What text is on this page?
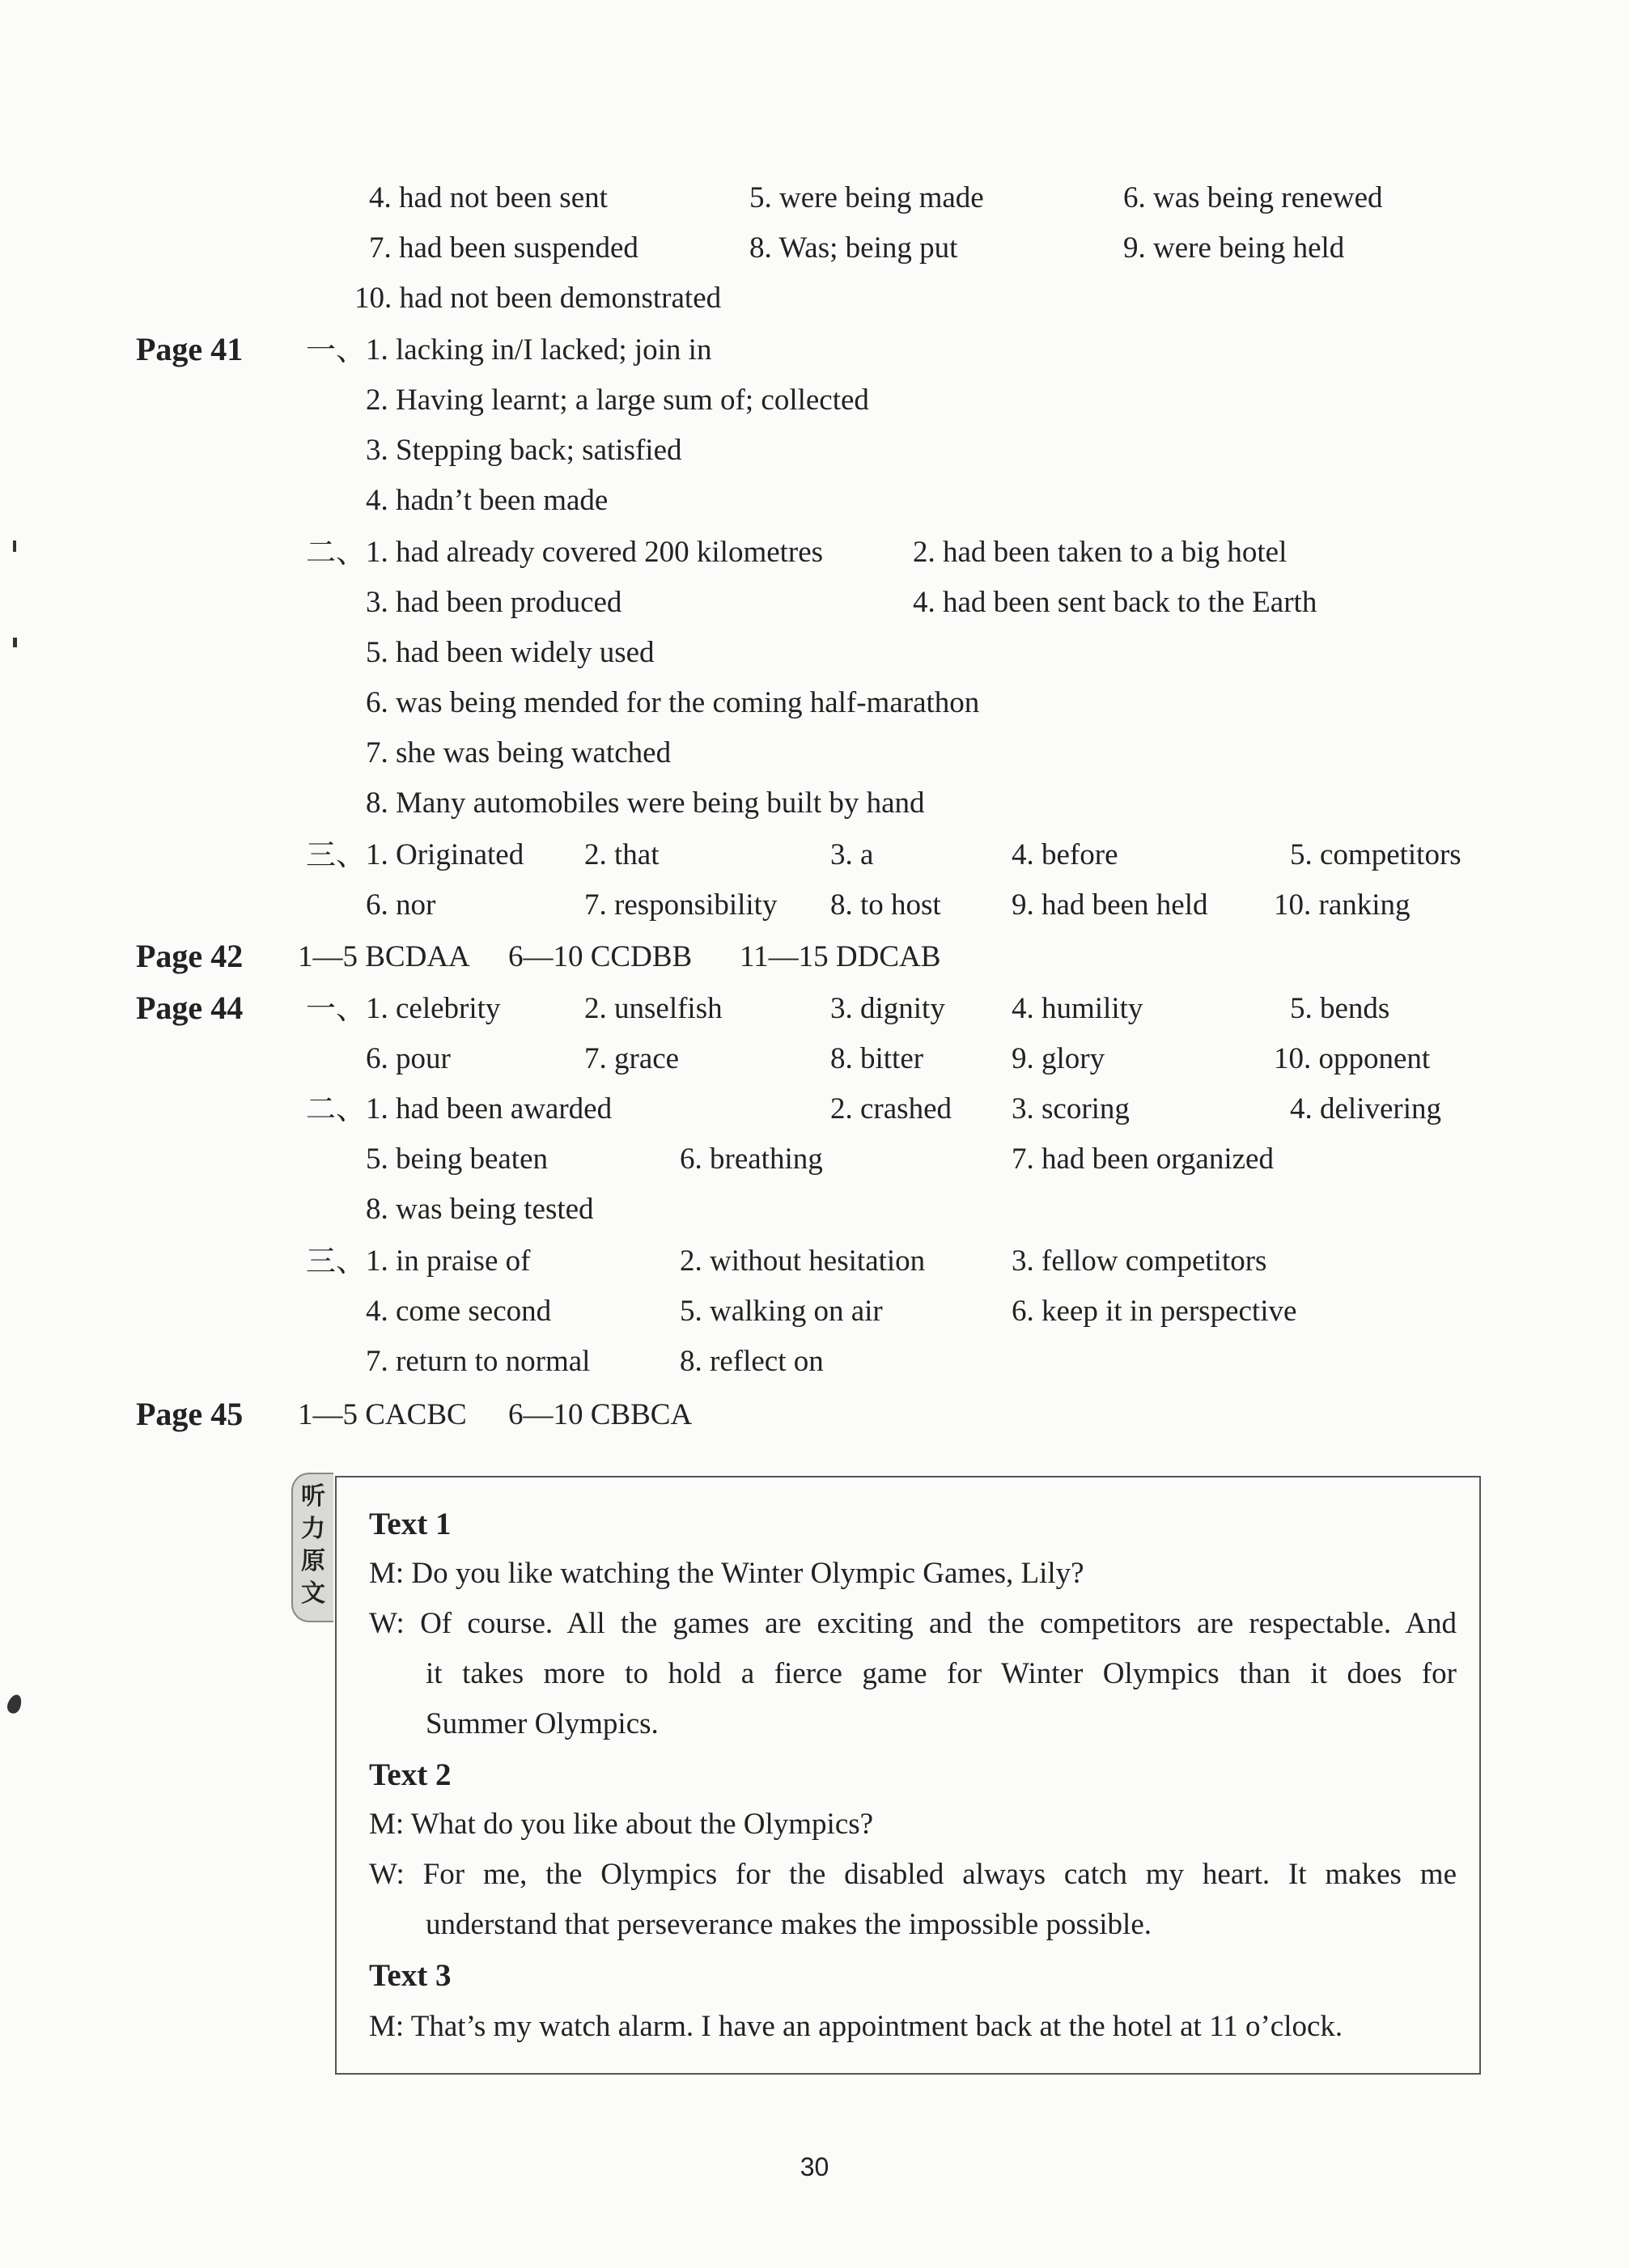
4. had not been sent	5. were being made	6. was being renewed
7. had been suspended	8. Was; being put	9. were being held
10. had not been demonstrated
Page 41 一、 1. lacking in/I lacked; join in
2. Having learnt; a large sum of; collected
3. Stepping back; satisfied
4. hadn’t been made
二、 1. had already covered 200 kilometres	2. had been taken to a big hotel
3. had been produced	4. had been sent back to the Earth
5. had been widely used
6. was being mended for the coming half-marathon
7. she was being watched
8. Many automobiles were being built by hand
三、 1. Originated 2. that	3. a	4. before	5. competitors
6. nor	7. responsibility 8. to host 9. had been held 10. ranking
Page 42 1—5 BCDAA 6—10 CCDBB 11—15 DDCAB
Page 44 一、 1. celebrity	2. unselfish	3. dignity 4. humility	5. bends
6. pour	7. grace	8. bitter	9. glory	10. opponent
二、 1. had been awarded	2. crashed 3. scoring	4. delivering
5. being beaten	6. breathing	7. had been organized
8. was being tested
三、 1. in praise of	2. without hesitation	3. fellow competitors
4. come second	5. walking on air	6. keep it in perspective
7. return to normal	8. reflect on
Page 45 1—5 CACBC 6—10 CBBCA
听力原文
Text 1
M: Do you like watching the Winter Olympic Games, Lily?
W: Of course. All the games are exciting and the competitors are respectable. And
it takes more to hold a fierce game for Winter Olympics than it does for
Summer Olympics.
Text 2
M: What do you like about the Olympics?
W: For me, the Olympics for the disabled always catch my heart. It makes me
understand that perseverance makes the impossible possible.
Text 3
M: That’s my watch alarm. I have an appointment back at the hotel at 11 o’clock.
30
